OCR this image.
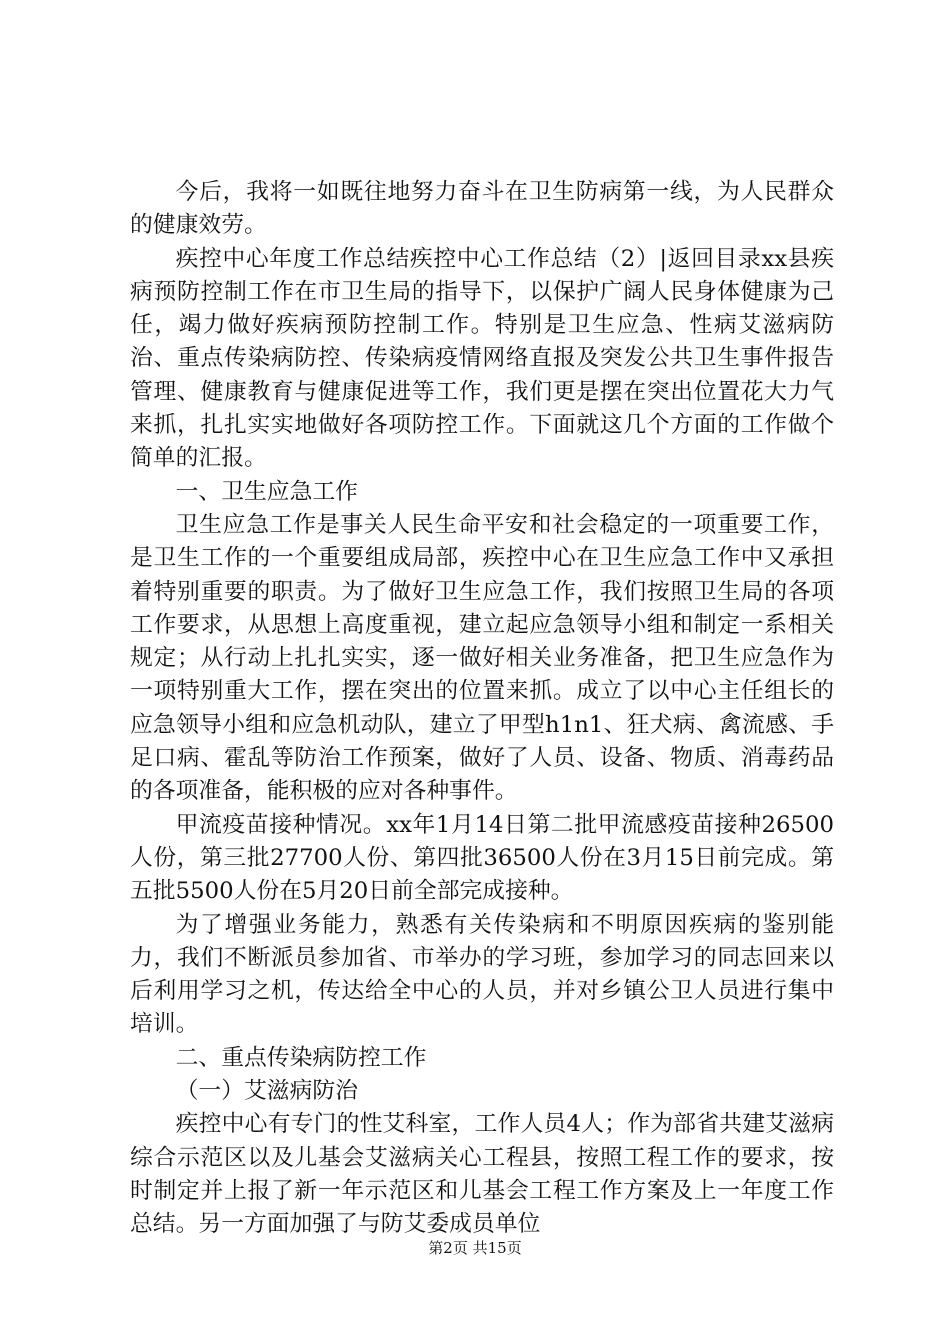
今后，我将一如既往地努力奋斗在卫生防病第一线，为人民群众的健康效劳。

疾控中心年度工作总结疾控中心工作总结（2）|返回目录xx县疾病预防控制工作在市卫生局的指导下，以保护广阔人民身体健康为己任，竭力做好疾病预防控制工作。特别是卫生应急、性病艾滋病防治、重点传染病防控、传染病疫情网络直报及突发公共卫生事件报告管理、健康教育与健康促进等工作，我们更是摆在突出位置花大力气来抓，扎扎实实地做好各项防控工作。下面就这几个方面的工作做个简单的汇报。

一、卫生应急工作

卫生应急工作是事关人民生命平安和社会稳定的一项重要工作，是卫生工作的一个重要组成局部，疾控中心在卫生应急工作中又承担着特别重要的职责。为了做好卫生应急工作，我们按照卫生局的各项工作要求，从思想上高度重视，建立起应急领导小组和制定一系相关规定；从行动上扎扎实实，逐一做好相关业务准备，把卫生应急作为一项特别重大工作，摆在突出的位置来抓。成立了以中心主任组长的应急领导小组和应急机动队，建立了甲型h1n1、狂犬病、禽流感、手足口病、霍乱等防治工作预案，做好了人员、设备、物质、消毒药品的各项准备，能积极的应对各种事件。

甲流疫苗接种情况。xx年1月14日第二批甲流感疫苗接种26500人份，第三批27700人份、第四批36500人份在3月15日前完成。第五批5500人份在5月20日前全部完成接种。

为了增强业务能力，熟悉有关传染病和不明原因疾病的鉴别能力，我们不断派员参加省、市举办的学习班，参加学习的同志回来以后利用学习之机，传达给全中心的人员，并对乡镇公卫人员进行集中培训。

二、重点传染病防控工作

（一）艾滋病防治

疾控中心有专门的性艾科室，工作人员4人；作为部省共建艾滋病综合示范区以及儿基会艾滋病关心工程县，按照工程工作的要求，按时制定并上报了新一年示范区和儿基会工程工作方案及上一年度工作总结。另一方面加强了与防艾委成员单位

第2页 共15页
